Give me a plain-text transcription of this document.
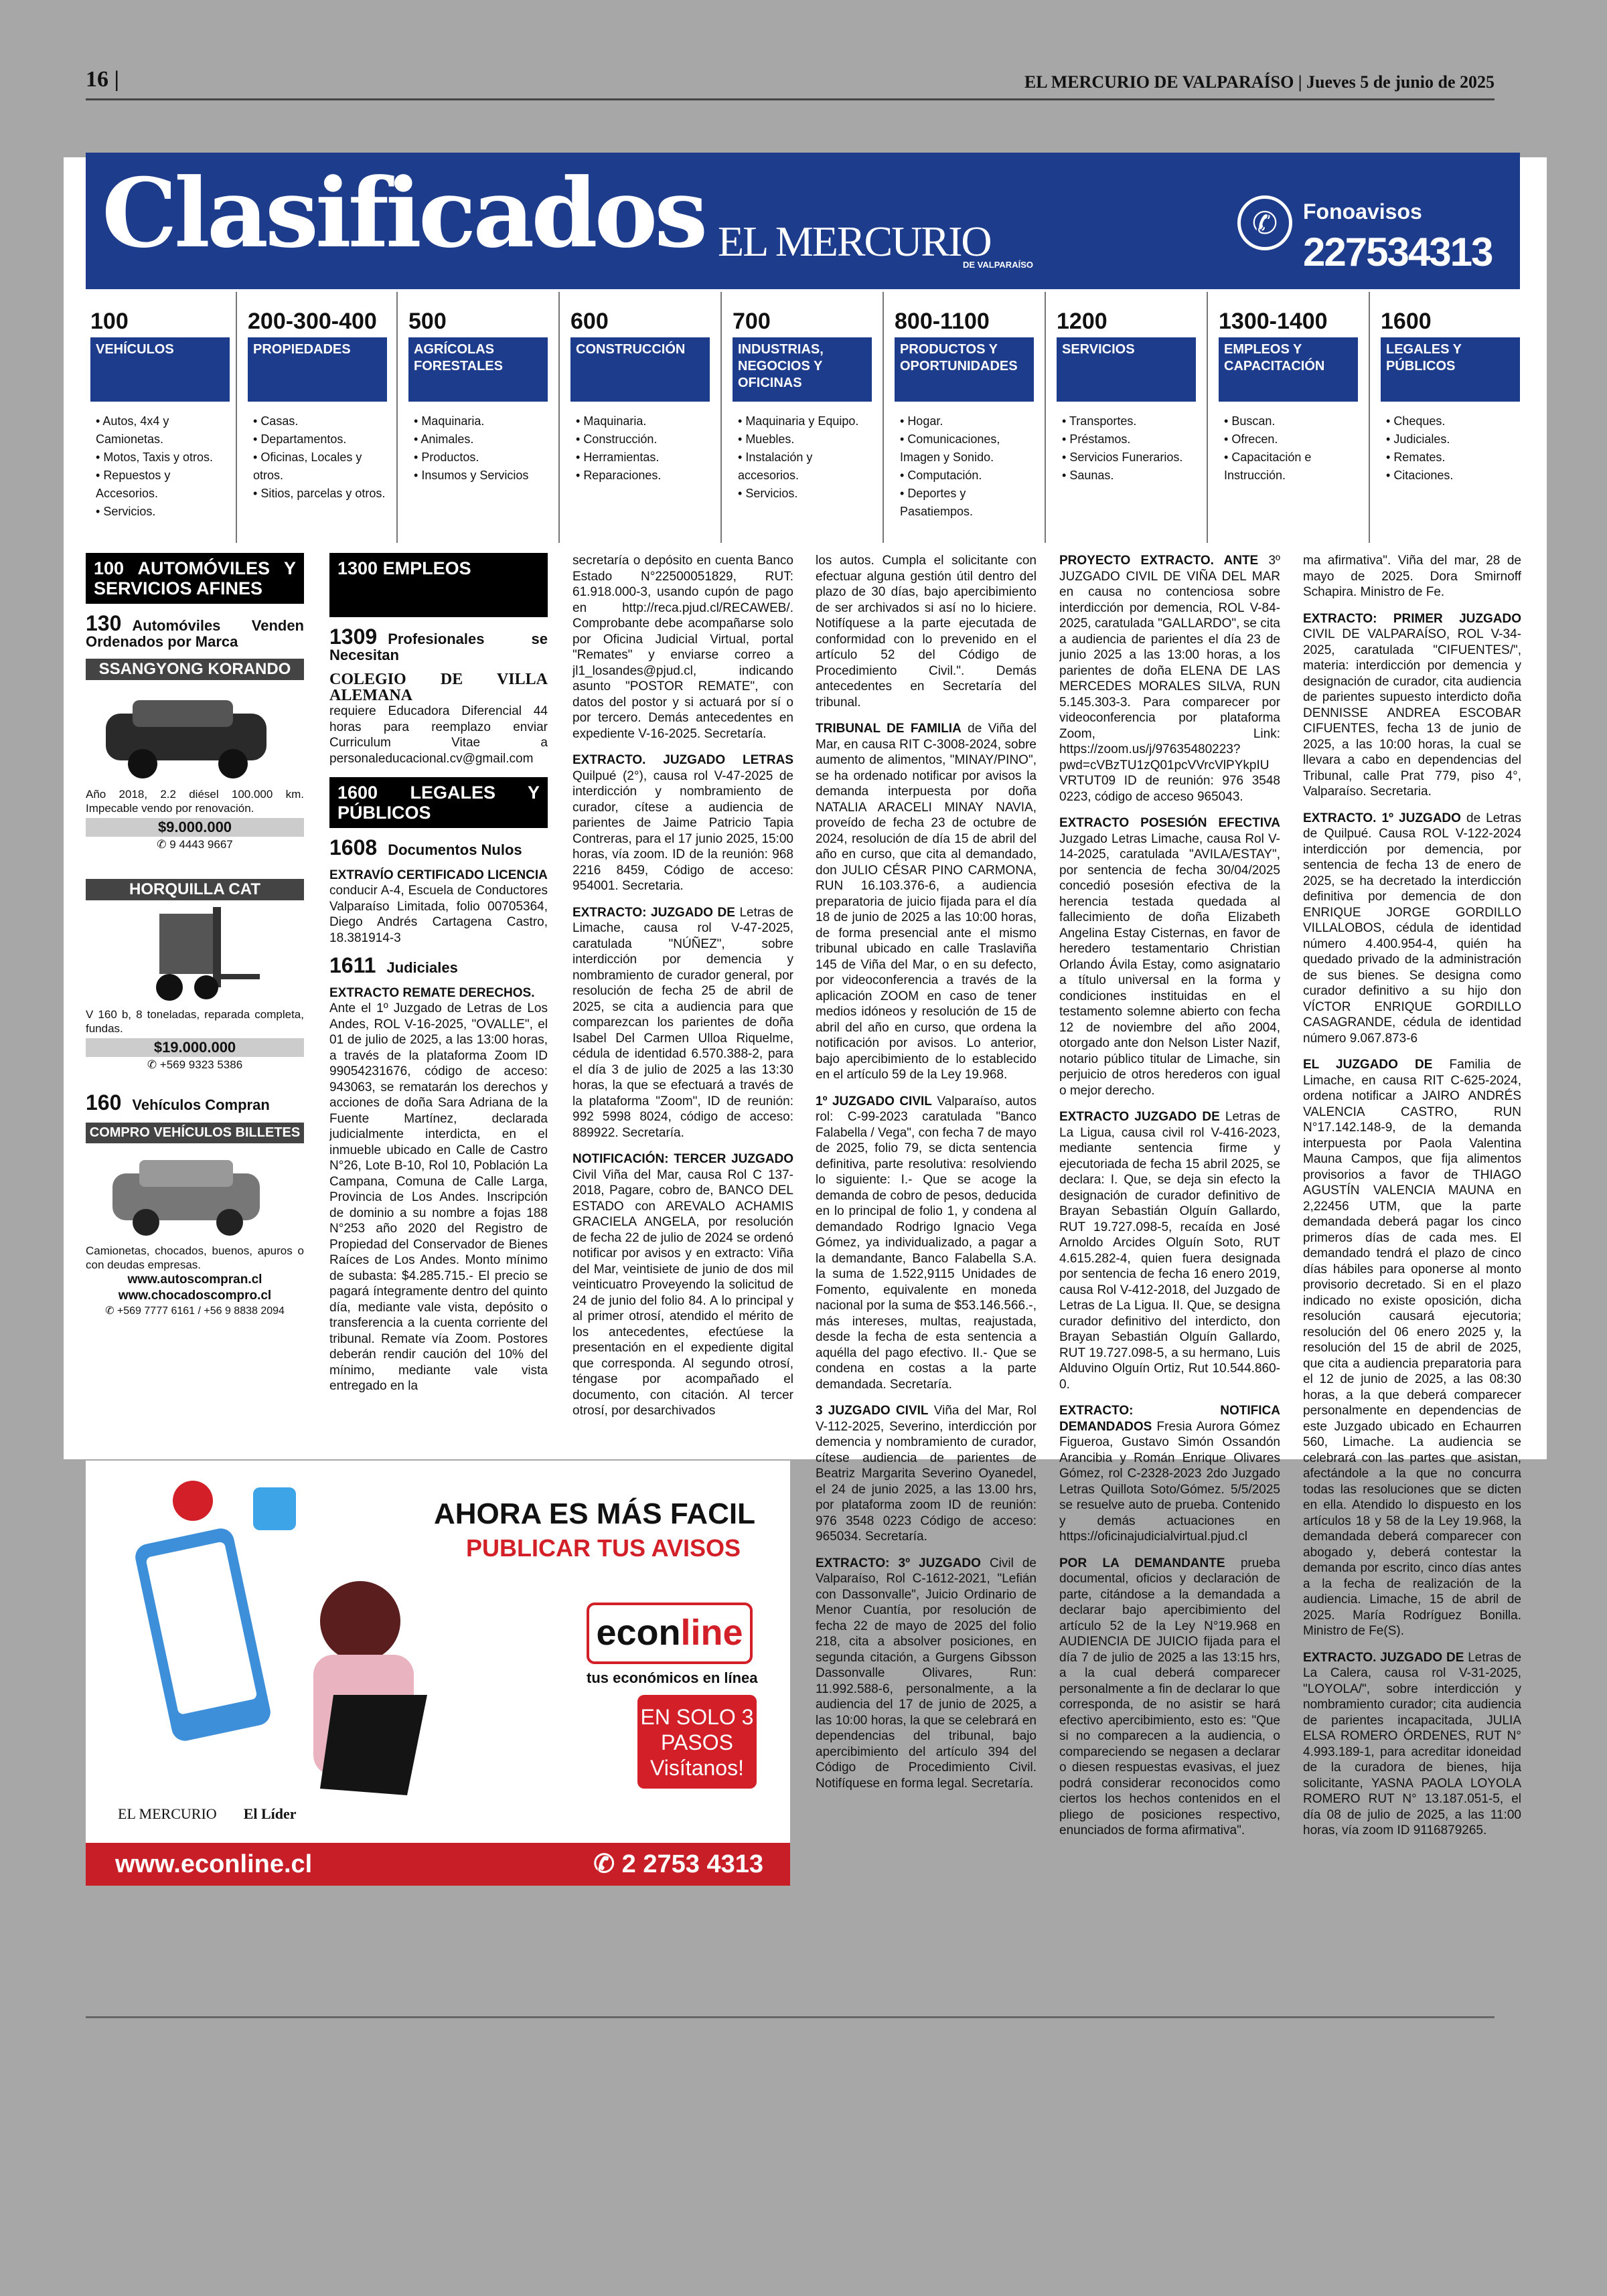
16 |	EL MERCURIO DE VALPARAÍSO | Jueves 5 de junio de 2025
Clasificados EL MERCURIO
DE VALPARAÍSO
✆	Fonoavisos
227534313
100
VEHÍCULOS
• Autos, 4x4 y Camionetas.
• Motos, Taxis y otros.
• Repuestos y Accesorios.
• Servicios.
200-300-400
PROPIEDADES
• Casas.
• Departamentos.
• Oficinas, Locales y otros.
• Sitios, parcelas y otros.
500
AGRÍCOLAS FORESTALES
• Maquinaria.
• Animales.
• Productos.
• Insumos y Servicios
600
CONSTRUCCIÓN
• Maquinaria.
• Construcción.
• Herramientas.
• Reparaciones.
700
INDUSTRIAS, NEGOCIOS Y OFICINAS
• Maquinaria y Equipo.
• Muebles.
• Instalación y accesorios.
• Servicios.
800-1100
PRODUCTOS Y OPORTUNIDADES
• Hogar.
• Comunicaciones, Imagen y Sonido.
• Computación.
• Deportes y Pasatiempos.
1200
SERVICIOS
• Transportes.
• Préstamos.
• Servicios Funerarios.
• Saunas.
1300-1400
EMPLEOS Y CAPACITACIÓN
• Buscan.
• Ofrecen.
• Capacitación e Instrucción.
1600
LEGALES Y PÚBLICOS
• Cheques.
• Judiciales.
• Remates.
• Citaciones.
100 AUTOMÓVILES Y SERVICIOS AFINES
130 Automóviles Venden Ordenados por Marca
SSANGYONG KORANDO
Año 2018, 2.2 diésel 100.000 km. Impecable vendo por renovación.
$9.000.000
✆ 9 4443 9667
HORQUILLA CAT
V 160 b, 8 toneladas, reparada completa, fundas.
$19.000.000
✆ +569 9323 5386
160 Vehículos Compran
COMPRO VEHÍCULOS BILLETES
Camionetas, chocados, buenos, apuros o con deudas empresas.
www.autoscompran.cl
www.chocadoscompro.cl
✆ +569 7777 6161 / +56 9 8838 2094
1300 EMPLEOS
1309 Profesionales se Necesitan

COLEGIO DE VILLA ALEMANA
requiere Educadora Diferencial 44 horas para reemplazo enviar Curriculum Vitae a personaleducacional.cv@gmail.com

1600 LEGALES Y PÚBLICOS
1608 Documentos Nulos

EXTRAVÍO CERTIFICADO LICENCIA
conducir A-4, Escuela de Conductores Valparaíso Limitada, folio 00705364, Diego Andrés Cartagena Castro, 18.381914-3

1611 Judiciales

EXTRACTO REMATE DERECHOS.
Ante el 1º Juzgado de Letras de Los Andes, ROL V-16-2025, "OVALLE", el 01 de julio de 2025, a las 13:00 horas, a través de la plataforma Zoom ID 99054231676, código de acceso: 943063, se rematarán los derechos y acciones de doña Sara Adriana de la Fuente Martínez, declarada judicialmente interdicta, en el inmueble ubicado en Calle de Castro N°26, Lote B-10, Rol 10, Población La Campana, Comuna de Calle Larga, Provincia de Los Andes. Inscripción de dominio a su nombre a fojas 188 N°253 año 2020 del Registro de Propiedad del Conservador de Bienes Raíces de Los Andes. Monto mínimo de subasta: $4.285.715.- El precio se pagará íntegramente dentro del quinto día, mediante vale vista, depósito o transferencia a la cuenta corriente del tribunal. Remate vía Zoom. Postores deberán rendir caución del 10% del mínimo, mediante vale vista entregado en la

secretaría o depósito en cuenta Banco Estado N°22500051829, RUT: 61.918.000-3, usando cupón de pago en http://reca.pjud.cl/RECAWEB/. Comprobante debe acompañarse solo por Oficina Judicial Virtual, portal "Remates" y enviarse correo a jl1_losandes@pjud.cl, indicando asunto "POSTOR REMATE", con datos del postor y si actuará por sí o por tercero. Demás antecedentes en expediente V-16-2025. Secretaría.

EXTRACTO. JUZGADO LETRAS Quilpué (2°), causa rol V-47-2025 de interdicción y nombramiento de curador, cítese a audiencia de parientes de Jaime Patricio Tapia Contreras, para el 17 junio 2025, 15:00 horas, vía zoom. ID de la reunión: 968 2216 8459, Código de acceso: 954001. Secretaria.

EXTRACTO: JUZGADO DE Letras de Limache, causa rol V-47-2025, caratulada "NÚÑEZ", sobre interdicción por demencia y nombramiento de curador general, por resolución de fecha 25 de abril de 2025, se cita a audiencia para que comparezcan los parientes de doña Isabel Del Carmen Ulloa Riquelme, cédula de identidad 6.570.388-2, para el día 3 de julio de 2025 a las 13:30 horas, la que se efectuará a través de la plataforma "Zoom", ID de reunión: 992 5998 8024, código de acceso: 889922. Secretaría.

NOTIFICACIÓN: TERCER JUZGADO Civil Viña del Mar, causa Rol C 137-2018, Pagare, cobro de, BANCO DEL ESTADO con AREVALO ACHAMIS GRACIELA ANGELA, por resolución de fecha 22 de julio de 2024 se ordenó notificar por avisos y en extracto: Viña del Mar, veintisiete de junio de dos mil veinticuatro Proveyendo la solicitud de 24 de junio del folio 84. A lo principal y al primer otrosí, atendido el mérito de los antecedentes, efectúese la presentación en el expediente digital que corresponda. Al segundo otrosí, téngase por acompañado el documento, con citación. Al tercer otrosí, por desarchivados

los autos. Cumpla el solicitante con efectuar alguna gestión útil dentro del plazo de 30 días, bajo apercibimiento de ser archivados si así no lo hiciere. Notifíquese a la parte ejecutada de conformidad con lo prevenido en el artículo 52 del Código de Procedimiento Civil.". Demás antecedentes en Secretaría del tribunal.

TRIBUNAL DE FAMILIA de Viña del Mar, en causa RIT C-3008-2024, sobre aumento de alimentos, "MINAY/PINO", se ha ordenado notificar por avisos la demanda interpuesta por doña NATALIA ARACELI MINAY NAVIA, proveído de fecha 23 de octubre de 2024, resolución de día 15 de abril del año en curso, que cita al demandado, don JULIO CÉSAR PINO CARMONA, RUN 16.103.376-6, a audiencia preparatoria de juicio fijada para el día 18 de junio de 2025 a las 10:00 horas, de forma presencial ante el mismo tribunal ubicado en calle Traslaviña 145 de Viña del Mar, o en su defecto, por videoconferencia a través de la aplicación ZOOM en caso de tener medios idóneos y resolución de 15 de abril del año en curso, que ordena la notificación por avisos. Lo anterior, bajo apercibimiento de lo establecido en el artículo 59 de la Ley 19.968.

1º JUZGADO CIVIL Valparaíso, autos rol: C-99-2023 caratulada "Banco Falabella / Vega", con fecha 7 de mayo de 2025, folio 79, se dicta sentencia definitiva, parte resolutiva: resolviendo lo siguiente: I.- Que se acoge la demanda de cobro de pesos, deducida en lo principal de folio 1, y condena al demandado Rodrigo Ignacio Vega Gómez, ya individualizado, a pagar a la demandante, Banco Falabella S.A. la suma de 1.522,9115 Unidades de Fomento, equivalente en moneda nacional por la suma de $53.146.566.-, más intereses, multas, reajustada, desde la fecha de esta sentencia a aquélla del pago efectivo. II.- Que se condena en costas a la parte demandada. Secretaría.

3 JUZGADO CIVIL Viña del Mar, Rol V-112-2025, Severino, interdicción por demencia y nombramiento de curador, cítese audiencia de parientes de Beatriz Margarita Severino Oyanedel, el 24 de junio 2025, a las 13.00 hrs, por plataforma zoom ID de reunión: 976 3548 0223 Código de acceso: 965034. Secretaría.

EXTRACTO: 3º JUZGADO Civil de Valparaíso, Rol C-1612-2021, "Lefián con Dassonvalle", Juicio Ordinario de Menor Cuantía, por resolución de fecha 22 de mayo de 2025 del folio 218, cita a absolver posiciones, en segunda citación, a Gurgens Gibsson Dassonvalle Olivares, Run: 11.992.588-6, personalmente, a la audiencia del 17 de junio de 2025, a las 10:00 horas, la que se celebrará en dependencias del tribunal, bajo apercibimiento del artículo 394 del Código de Procedimiento Civil. Notifíquese en forma legal. Secretaría.

PROYECTO EXTRACTO. ANTE 3º JUZGADO CIVIL DE VIÑA DEL MAR en causa no contenciosa sobre interdicción por demencia, ROL V-84-2025, caratulada "GALLARDO", se cita a audiencia de parientes el día 23 de junio 2025 a las 13:00 horas, a los parientes de doña ELENA DE LAS MERCEDES MORALES SILVA, RUN 5.145.303-3. Para comparecer por videoconferencia por plataforma Zoom, Link: https://zoom.us/j/97635480223?pwd=cVBzTU1zQ01pcVVrcVlPYkpIU VRTUT09 ID de reunión: 976 3548 0223, código de acceso 965043.

EXTRACTO POSESIÓN EFECTIVA Juzgado Letras Limache, causa Rol V-14-2025, caratulada "AVILA/ESTAY", por sentencia de fecha 30/04/2025 concedió posesión efectiva de la herencia testada quedada al fallecimiento de doña Elizabeth Angelina Estay Cisternas, en favor de heredero testamentario Christian Orlando Ávila Estay, como asignatario a título universal en la forma y condiciones instituidas en el testamento solemne abierto con fecha 12 de noviembre del año 2004, otorgado ante don Nelson Lister Nazif, notario público titular de Limache, sin perjuicio de otros herederos con igual o mejor derecho.

EXTRACTO JUZGADO DE Letras de La Ligua, causa civil rol V-416-2023, mediante sentencia firme y ejecutoriada de fecha 15 abril 2025, se declara: I. Que, se deja sin efecto la designación de curador definitivo de Brayan Sebastián Olguín Gallardo, RUT 19.727.098-5, recaída en José Arnoldo Arcides Olguín Soto, RUT 4.615.282-4, quien fuera designada por sentencia de fecha 16 enero 2019, causa Rol V-412-2018, del Juzgado de Letras de La Ligua. II. Que, se designa curador definitivo del interdicto, don Brayan Sebastián Olguín Gallardo, RUT 19.727.098-5, a su hermano, Luis Alduvino Olguín Ortiz, Rut 10.544.860-0.

EXTRACTO: NOTIFICA DEMANDADOS Fresia Aurora Gómez Figueroa, Gustavo Simón Ossandón Arancibia y Román Enrique Olivares Gómez, rol C-2328-2023 2do Juzgado Letras Quillota Soto/Gómez. 5/5/2025 se resuelve auto de prueba. Contenido y demás actuaciones en https://oficinajudicialvirtual.pjud.cl

POR LA DEMANDANTE prueba documental, oficios y declaración de parte, citándose a la demandada a declarar bajo apercibimiento del artículo 52 de la Ley N°19.968 en AUDIENCIA DE JUICIO fijada para el día 7 de julio de 2025 a las 13:15 hrs, a la cual deberá comparecer personalmente a fin de declarar lo que corresponda, de no asistir se hará efectivo apercibimiento, esto es: "Que si no comparecen a la audiencia, o compareciendo se negasen a declarar o diesen respuestas evasivas, el juez podrá considerar reconocidos como ciertos los hechos contenidos en el pliego de posiciones respectivo, enunciados de forma afirmativa".

ma afirmativa". Viña del mar, 28 de mayo de 2025. Dora Smirnoff Schapira. Ministro de Fe.

EXTRACTO: PRIMER JUZGADO CIVIL DE VALPARAÍSO, ROL V-34-2025, caratulada "CIFUENTES/", materia: interdicción por demencia y designación de curador, cita audiencia de parientes supuesto interdicto doña DENNISSE ANDREA ESCOBAR CIFUENTES, fecha 13 de junio de 2025, a las 10:00 horas, la cual se llevara a cabo en dependencias del Tribunal, calle Prat 779, piso 4°, Valparaíso. Secretaria.

EXTRACTO. 1º JUZGADO de Letras de Quilpué. Causa ROL V-122-2024 interdicción por demencia, por sentencia de fecha 13 de enero de 2025, se ha decretado la interdicción definitiva por demencia de don ENRIQUE JORGE GORDILLO VILLALOBOS, cédula de identidad número 4.400.954-4, quién ha quedado privado de la administración de sus bienes. Se designa como curador definitivo a su hijo don VÍCTOR ENRIQUE GORDILLO CASAGRANDE, cédula de identidad número 9.067.873-6

EL JUZGADO DE Familia de Limache, en causa RIT C-625-2024, ordena notificar a JAIRO ANDRÉS VALENCIA CASTRO, RUN N°17.142.148-9, de la demanda interpuesta por Paola Valentina Mauna Campos, que fija alimentos provisorios a favor de THIAGO AGUSTÍN VALENCIA MAUNA en 2,22456 UTM, que la parte demandada deberá pagar los cinco primeros días de cada mes. El demandado tendrá el plazo de cinco días hábiles para oponerse al monto provisorio decretado. Si en el plazo indicado no existe oposición, dicha resolución causará ejecutoria; resolución del 06 enero 2025 y, la resolución del 15 de abril de 2025, que cita a audiencia preparatoria para el 12 de junio de 2025, a las 08:30 horas, a la que deberá comparecer personalmente en dependencias de este Juzgado ubicado en Echaurren 560, Limache. La audiencia se celebrará con las partes que asistan, afectándole a la que no concurra todas las resoluciones que se dicten en ella. Atendido lo dispuesto en los artículos 18 y 58 de la Ley 19.968, la demandada deberá comparecer con abogado y, deberá contestar la demanda por escrito, cinco días antes a la fecha de realización de la audiencia. Limache, 15 de abril de 2025. María Rodríguez Bonilla. Ministro de Fe(S).

EXTRACTO. JUZGADO DE Letras de La Calera, causa rol V-31-2025, "LOYOLA/", sobre interdicción y nombramiento curador; cita audiencia de parientes incapacitada, JULIA ELSA ROMERO ÓRDENES, RUT N° 4.993.189-1, para acreditar idoneidad de la curadora de bienes, hija solicitante, YASNA PAOLA LOYOLA ROMERO RUT N° 13.187.051-5, el día 08 de julio de 2025, a las 11:00 horas, vía zoom ID 9116879265.

AHORA ES MÁS FACIL
PUBLICAR TUS AVISOS
econline
tus económicos en línea
EN SOLO 3 PASOS Visítanos!
EL MERCURIO El Líder
www.econline.cl	✆ 2 2753 4313
